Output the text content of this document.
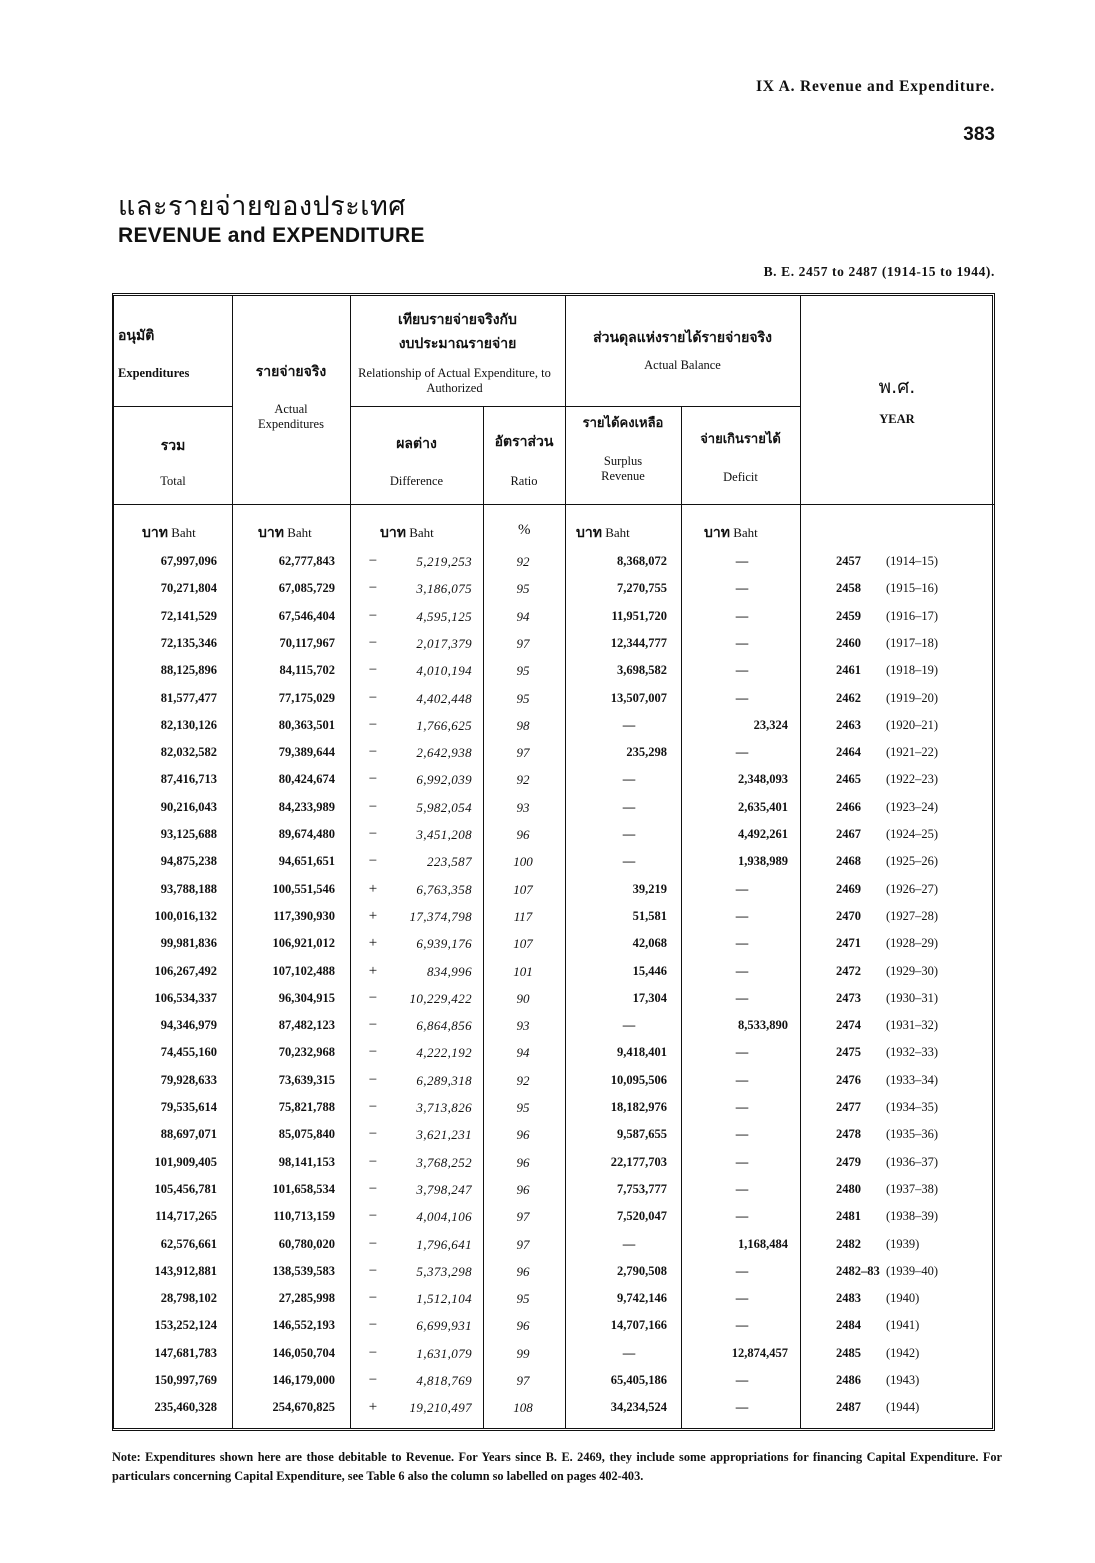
IX A. Revenue and Expenditure.
383
และรายจ่ายของประเทศ
REVENUE and EXPENDITURE
B. E. 2457 to 2487 (1914-15 to 1944).
อนุมัติ
Expenditures
รวม
Total
รายจ่ายจริง
Actual Expenditures
เทียบรายจ่ายจริงกับ
งบประมาณรายจ่าย
Relationship of Actual Expenditure, to Authorized
ผลต่าง
Difference
อัตราส่วน
Ratio
ส่วนดุลแห่งรายได้รายจ่ายจริง
Actual Balance
รายได้คงเหลือ
Surplus Revenue
จ่ายเกินรายได้
Deficit
พ.ศ.
YEAR
บาท Baht	บาท Baht	บาท Baht	%	บาท Baht	บาท Baht
67,997,096	62,777,843 −	5,219,253	92	8,368,072	—	2457	(1914–15)
70,271,804	67,085,729 −	3,186,075	95	7,270,755	—	2458	(1915–16)
72,141,529	67,546,404 −	4,595,125	94	11,951,720	—	2459	(1916–17)
72,135,346	70,117,967 −	2,017,379	97	12,344,777	—	2460	(1917–18)
88,125,896	84,115,702 −	4,010,194	95	3,698,582	—	2461	(1918–19)
81,577,477	77,175,029 −	4,402,448	95	13,507,007	—	2462	(1919–20)
82,130,126	80,363,501 −	1,766,625	98	—	23,324	2463	(1920–21)
82,032,582	79,389,644 −	2,642,938	97	235,298	—	2464	(1921–22)
87,416,713	80,424,674 −	6,992,039	92	—	2,348,093	2465	(1922–23)
90,216,043	84,233,989 −	5,982,054	93	—	2,635,401	2466	(1923–24)
93,125,688	89,674,480 −	3,451,208	96	—	4,492,261	2467	(1924–25)
94,875,238	94,651,651 −	223,587	100	—	1,938,989	2468	(1925–26)
93,788,188	100,551,546 +	6,763,358	107	39,219	—	2469	(1926–27)
100,016,132	117,390,930 +	17,374,798	117	51,581	—	2470	(1927–28)
99,981,836	106,921,012 +	6,939,176	107	42,068	—	2471	(1928–29)
106,267,492	107,102,488 +	834,996	101	15,446	—	2472	(1929–30)
106,534,337	96,304,915 −	10,229,422	90	17,304	—	2473	(1930–31)
94,346,979	87,482,123 −	6,864,856	93	—	8,533,890	2474	(1931–32)
74,455,160	70,232,968 −	4,222,192	94	9,418,401	—	2475	(1932–33)
79,928,633	73,639,315 −	6,289,318	92	10,095,506	—	2476	(1933–34)
79,535,614	75,821,788 −	3,713,826	95	18,182,976	—	2477	(1934–35)
88,697,071	85,075,840 −	3,621,231	96	9,587,655	—	2478	(1935–36)
101,909,405	98,141,153 −	3,768,252	96	22,177,703	—	2479	(1936–37)
105,456,781	101,658,534 −	3,798,247	96	7,753,777	—	2480	(1937–38)
114,717,265	110,713,159 −	4,004,106	97	7,520,047	—	2481	(1938–39)
62,576,661	60,780,020 −	1,796,641	97	—	1,168,484	2482	(1939)
143,912,881	138,539,583 −	5,373,298	96	2,790,508	—	2482–83 (1939–40)
28,798,102	27,285,998 −	1,512,104	95	9,742,146	—	2483	(1940)
153,252,124	146,552,193 −	6,699,931	96	14,707,166	—	2484	(1941)
147,681,783	146,050,704 −	1,631,079	99	—	12,874,457	2485	(1942)
150,997,769	146,179,000 −	4,818,769	97	65,405,186	—	2486	(1943)
235,460,328	254,670,825 +	19,210,497	108	34,234,524	—	2487	(1944)
Note: Expenditures shown here are those debitable to Revenue. For Years since B. E. 2469, they include some appropriations for financing Capital Expenditure. For particulars concerning Capital Expenditure, see Table 6 also the column so labelled on pages 402-403.
